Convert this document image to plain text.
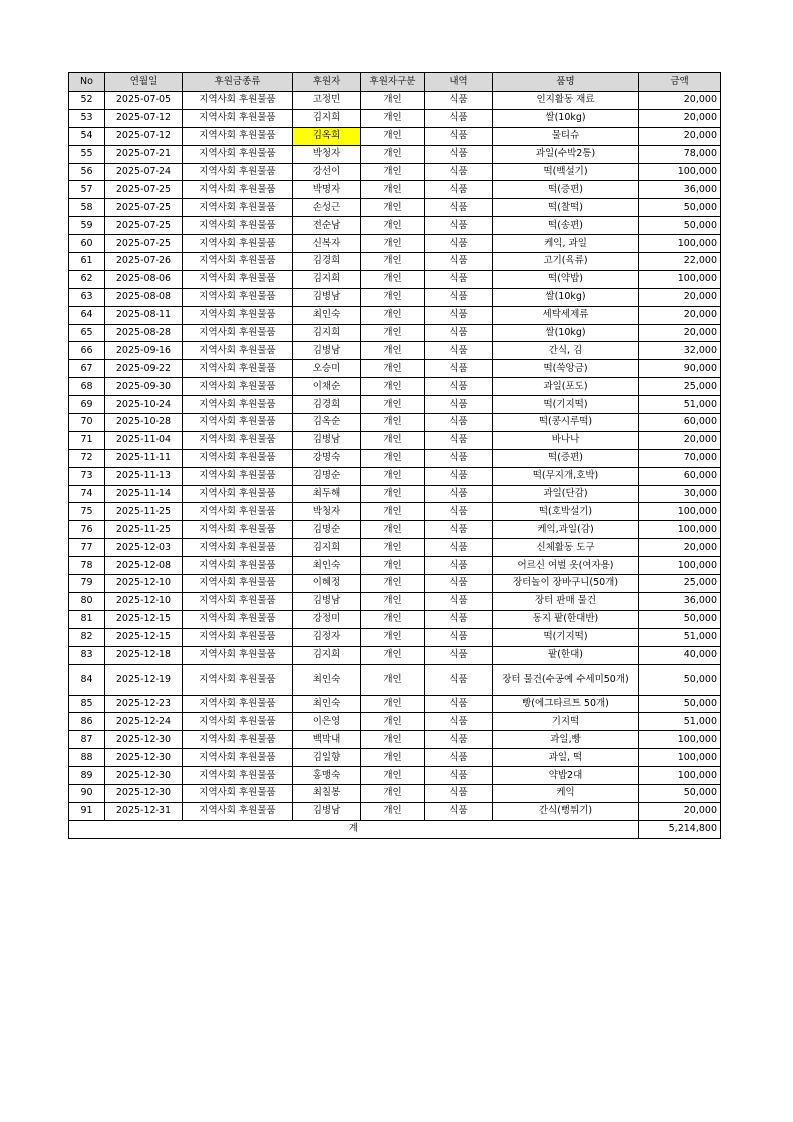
No	연월일	후원금종류	후원자	후원자구분	내역	품명	금액
52	2025-07-05	지역사회 후원물품	고정민	개인	식품	인지활동 재료	20,000
53	2025-07-12	지역사회 후원물품	김지희	개인	식품	쌀(10kg)	20,000
54	2025-07-12	지역사회 후원물품	김옥희	개인	식품	물티슈	20,000
55	2025-07-21	지역사회 후원물품	박청자	개인	식품	과일(수박2통)	78,000
56	2025-07-24	지역사회 후원물품	강선이	개인	식품	떡(백설기)	100,000
57	2025-07-25	지역사회 후원물품	박명자	개인	식품	떡(증편)	36,000
58	2025-07-25	지역사회 후원물품	손성근	개인	식품	떡(찰떡)	50,000
59	2025-07-25	지역사회 후원물품	전순남	개인	식품	떡(송편)	50,000
60	2025-07-25	지역사회 후원물품	신복자	개인	식품	케익, 과일	100,000
61	2025-07-26	지역사회 후원물품	김경희	개인	식품	고기(육류)	22,000
62	2025-08-06	지역사회 후원물품	김지희	개인	식품	떡(약밥)	100,000
63	2025-08-08	지역사회 후원물품	김병남	개인	식품	쌀(10kg)	20,000
64	2025-08-11	지역사회 후원물품	최인숙	개인	식품	세탁세제류	20,000
65	2025-08-28	지역사회 후원물품	김지희	개인	식품	쌀(10kg)	20,000
66	2025-09-16	지역사회 후원물품	김병남	개인	식품	간식, 김	32,000
67	2025-09-22	지역사회 후원물품	오승미	개인	식품	떡(쑥앙금)	90,000
68	2025-09-30	지역사회 후원물품	이채순	개인	식품	과일(포도)	25,000
69	2025-10-24	지역사회 후원물품	김경희	개인	식품	떡(기지떡)	51,000
70	2025-10-28	지역사회 후원물품	김옥순	개인	식품	떡(콩시루떡)	60,000
71	2025-11-04	지역사회 후원물품	김병남	개인	식품	바나나	20,000
72	2025-11-11	지역사회 후원물품	강명숙	개인	식품	떡(증편)	70,000
73	2025-11-13	지역사회 후원물품	김명순	개인	식품	떡(무지개,호박)	60,000
74	2025-11-14	지역사회 후원물품	최두해	개인	식품	과일(단감)	30,000
75	2025-11-25	지역사회 후원물품	박청자	개인	식품	떡(호박설기)	100,000
76	2025-11-25	지역사회 후원물품	김명순	개인	식품	케익,과일(감)	100,000
77	2025-12-03	지역사회 후원물품	김지희	개인	식품	신체활동 도구	20,000
78	2025-12-08	지역사회 후원물품	최인숙	개인	식품	어르신 여벌 옷(여자용)	100,000
79	2025-12-10	지역사회 후원물품	이혜정	개인	식품	장터놀이 장바구니(50개)	25,000
80	2025-12-10	지역사회 후원물품	김병남	개인	식품	장터 판매 물건	36,000
81	2025-12-15	지역사회 후원물품	강정미	개인	식품	동지 팥(한대반)	50,000
82	2025-12-15	지역사회 후원물품	김정자	개인	식품	떡(기지떡)	51,000
83	2025-12-18	지역사회 후원물품	김지희	개인	식품	팥(한대)	40,000
84	2025-12-19	지역사회 후원물품	최인숙	개인	식품	장터 물건(수공예 수세미50개)	50,000
85	2025-12-23	지역사회 후원물품	최인숙	개인	식품	빵(에그타르트 50개)	50,000
86	2025-12-24	지역사회 후원물품	이은영	개인	식품	기지떡	51,000
87	2025-12-30	지역사회 후원물품	백막내	개인	식품	과일,빵	100,000
88	2025-12-30	지역사회 후원물품	김일향	개인	식품	과일, 떡	100,000
89	2025-12-30	지역사회 후원물품	홍맹숙	개인	식품	약밥2대	100,000
90	2025-12-30	지역사회 후원물품	최칠봉	개인	식품	케익	50,000
91	2025-12-31	지역사회 후원물품	김병남	개인	식품	간식(뻥튀기)	20,000
계							5,214,800
